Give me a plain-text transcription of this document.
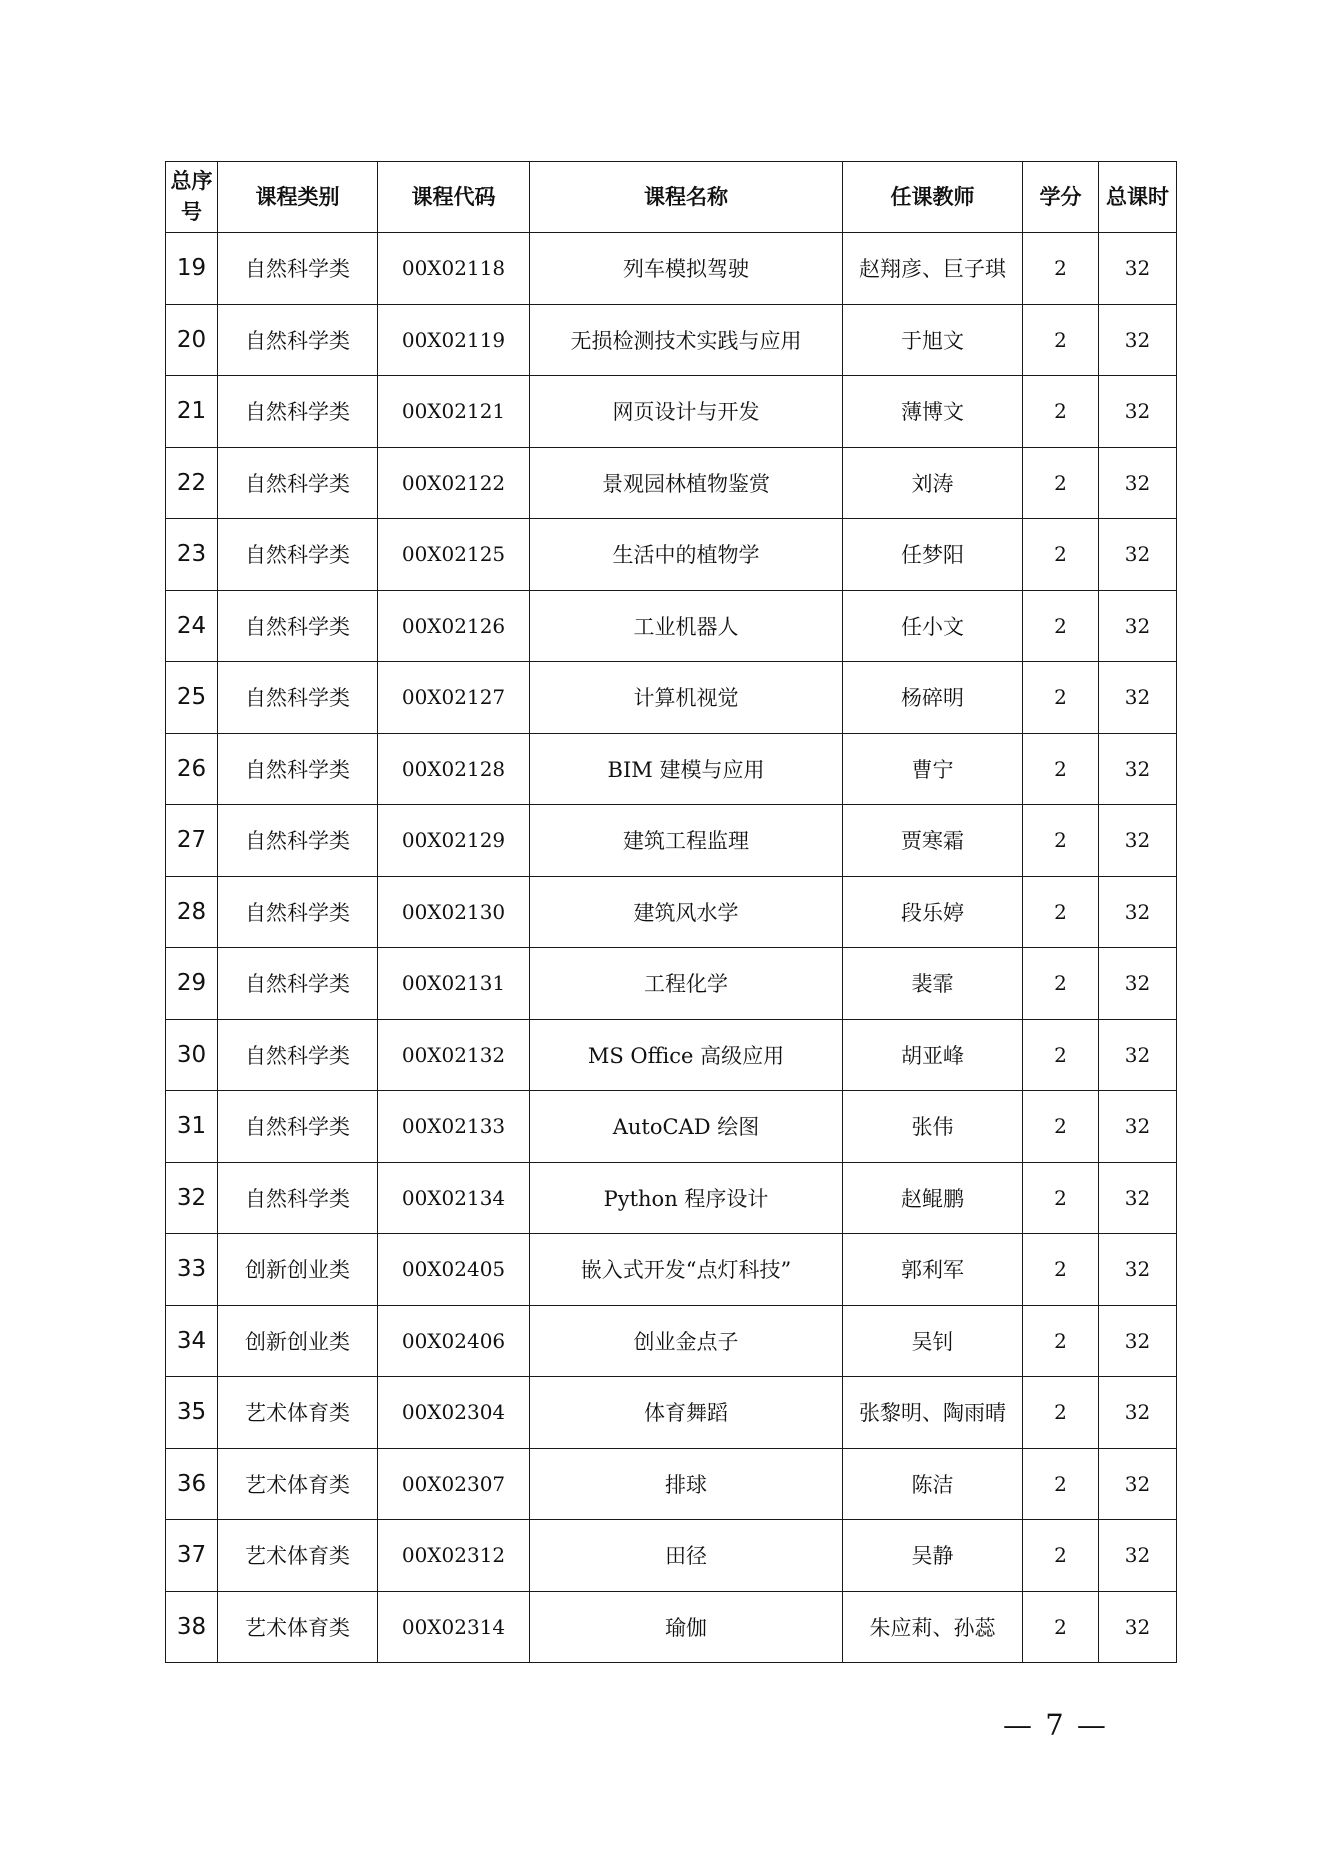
总序号	课程类别	课程代码	课程名称	任课教师	学分	总课时
19	自然科学类	00X02118	列车模拟驾驶	赵翔彦、巨子琪	2	32
20	自然科学类	00X02119	无损检测技术实践与应用	于旭文	2	32
21	自然科学类	00X02121	网页设计与开发	薄博文	2	32
22	自然科学类	00X02122	景观园林植物鉴赏	刘涛	2	32
23	自然科学类	00X02125	生活中的植物学	任梦阳	2	32
24	自然科学类	00X02126	工业机器人	任小文	2	32
25	自然科学类	00X02127	计算机视觉	杨碎明	2	32
26	自然科学类	00X02128	BIM 建模与应用	曹宁	2	32
27	自然科学类	00X02129	建筑工程监理	贾寒霜	2	32
28	自然科学类	00X02130	建筑风水学	段乐婷	2	32
29	自然科学类	00X02131	工程化学	裴霏	2	32
30	自然科学类	00X02132	MS Office 高级应用	胡亚峰	2	32
31	自然科学类	00X02133	AutoCAD 绘图	张伟	2	32
32	自然科学类	00X02134	Python 程序设计	赵鲲鹏	2	32
33	创新创业类	00X02405	嵌入式开发“点灯科技”	郭利军	2	32
34	创新创业类	00X02406	创业金点子	吴钊	2	32
35	艺术体育类	00X02304	体育舞蹈	张黎明、陶雨晴	2	32
36	艺术体育类	00X02307	排球	陈洁	2	32
37	艺术体育类	00X02312	田径	吴静	2	32
38	艺术体育类	00X02314	瑜伽	朱应莉、孙蕊	2	32
— 7 —
